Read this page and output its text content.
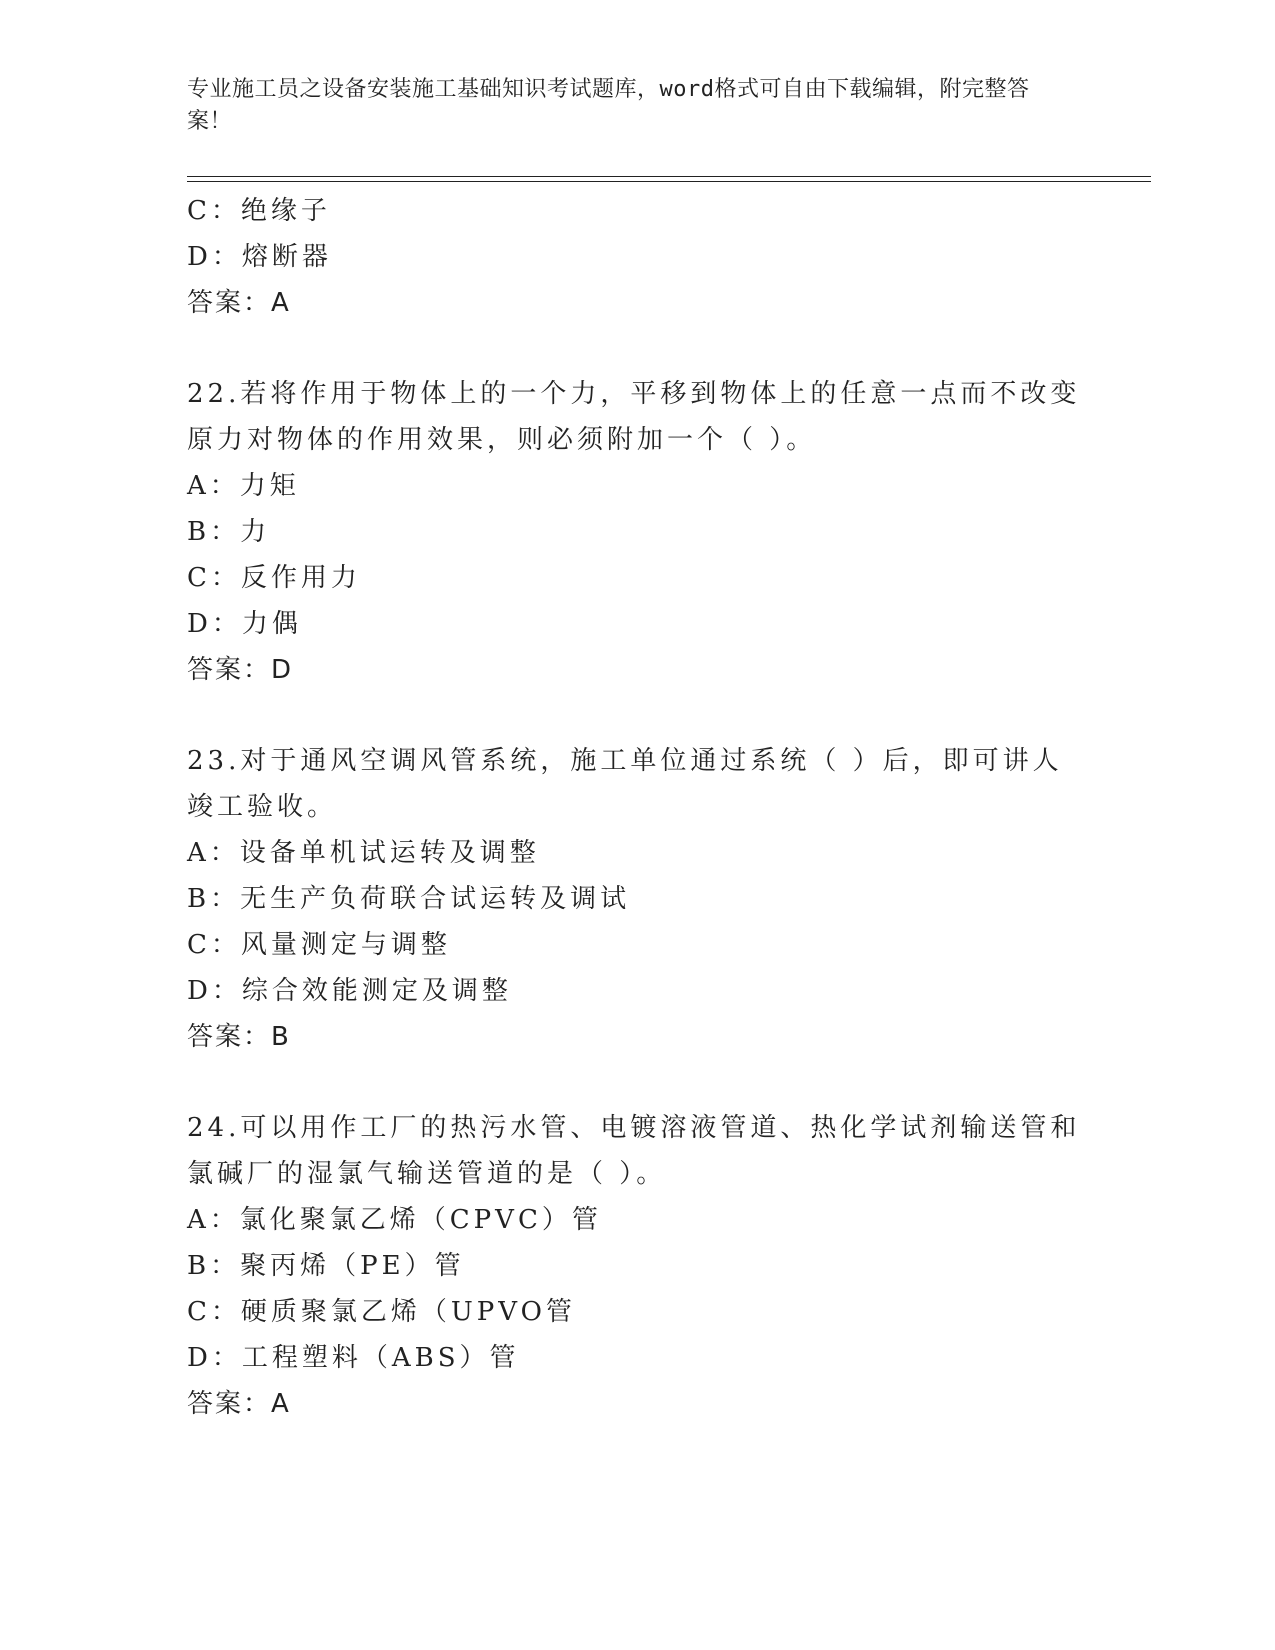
专业施工员之设备安装施工基础知识考试题库，word格式可自由下载编辑，附完整答案！
C：绝缘子
D：熔断器
答案：A
22.若将作用于物体上的一个力，平移到物体上的任意一点而不改变原力对物体的作用效果，则必须附加一个（ ）。
A：力矩
B：力
C：反作用力
D：力偶
答案：D
23.对于通风空调风管系统，施工单位通过系统（ ）后，即可讲人竣工验收。
A：设备单机试运转及调整
B：无生产负荷联合试运转及调试
C：风量测定与调整
D：综合效能测定及调整
答案：B
24.可以用作工厂的热污水管、电镀溶液管道、热化学试剂输送管和氯碱厂的湿氯气输送管道的是（ ）。
A：氯化聚氯乙烯（CPVC）管
B：聚丙烯（PE）管
C：硬质聚氯乙烯（UPVO管
D：工程塑料（ABS）管
答案：A
